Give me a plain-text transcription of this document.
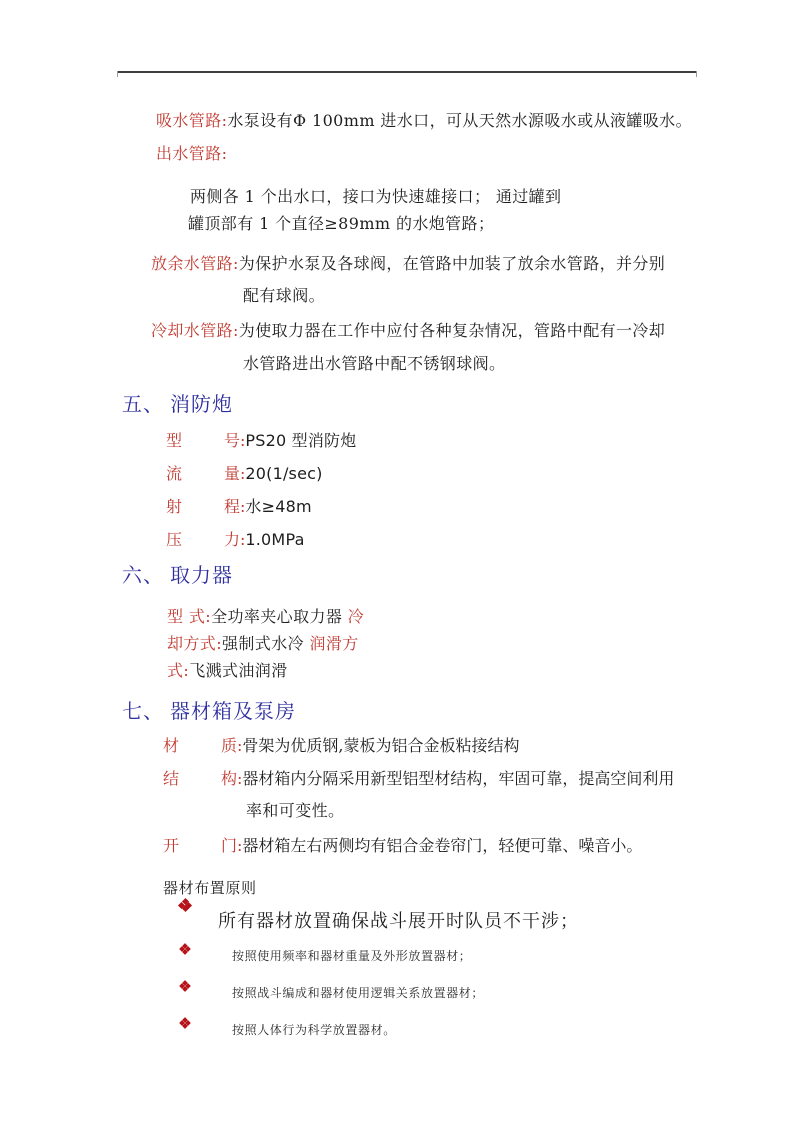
吸水管路:水泵设有Φ 100mm 进水口，可从天然水源吸水或从液罐吸水。
出水管路:
两侧各 1 个出水口，接口为快速雄接口； 通过罐到
罐顶部有 1 个直径≥89mm 的水炮管路；
放余水管路:为保护水泵及各球阀，在管路中加装了放余水管路，并分别
配有球阀。
冷却水管路:为使取力器在工作中应付各种复杂情况，管路中配有一冷却
水管路进出水管路中配不锈钢球阀。
五、 消防炮
型 号:PS20 型消防炮
流 量:20(1/sec)
射 程:水≥48m
压 力:1.0MPa
六、 取力器
型 式:全功率夹心取力器 冷
却方式:强制式水冷 润滑方
式:飞溅式油润滑
七、 器材箱及泵房
材 质:骨架为优质钢,蒙板为铝合金板粘接结构
结 构:器材箱内分隔采用新型铝型材结构，牢固可靠，提高空间利用
率和可变性。
开 门:器材箱左右两侧均有铝合金卷帘门，轻便可靠、噪音小。
器材布置原则
所有器材放置确保战斗展开时队员不干涉；
按照使用频率和器材重量及外形放置器材；
按照战斗编成和器材使用逻辑关系放置器材；
按照人体行为科学放置器材。
